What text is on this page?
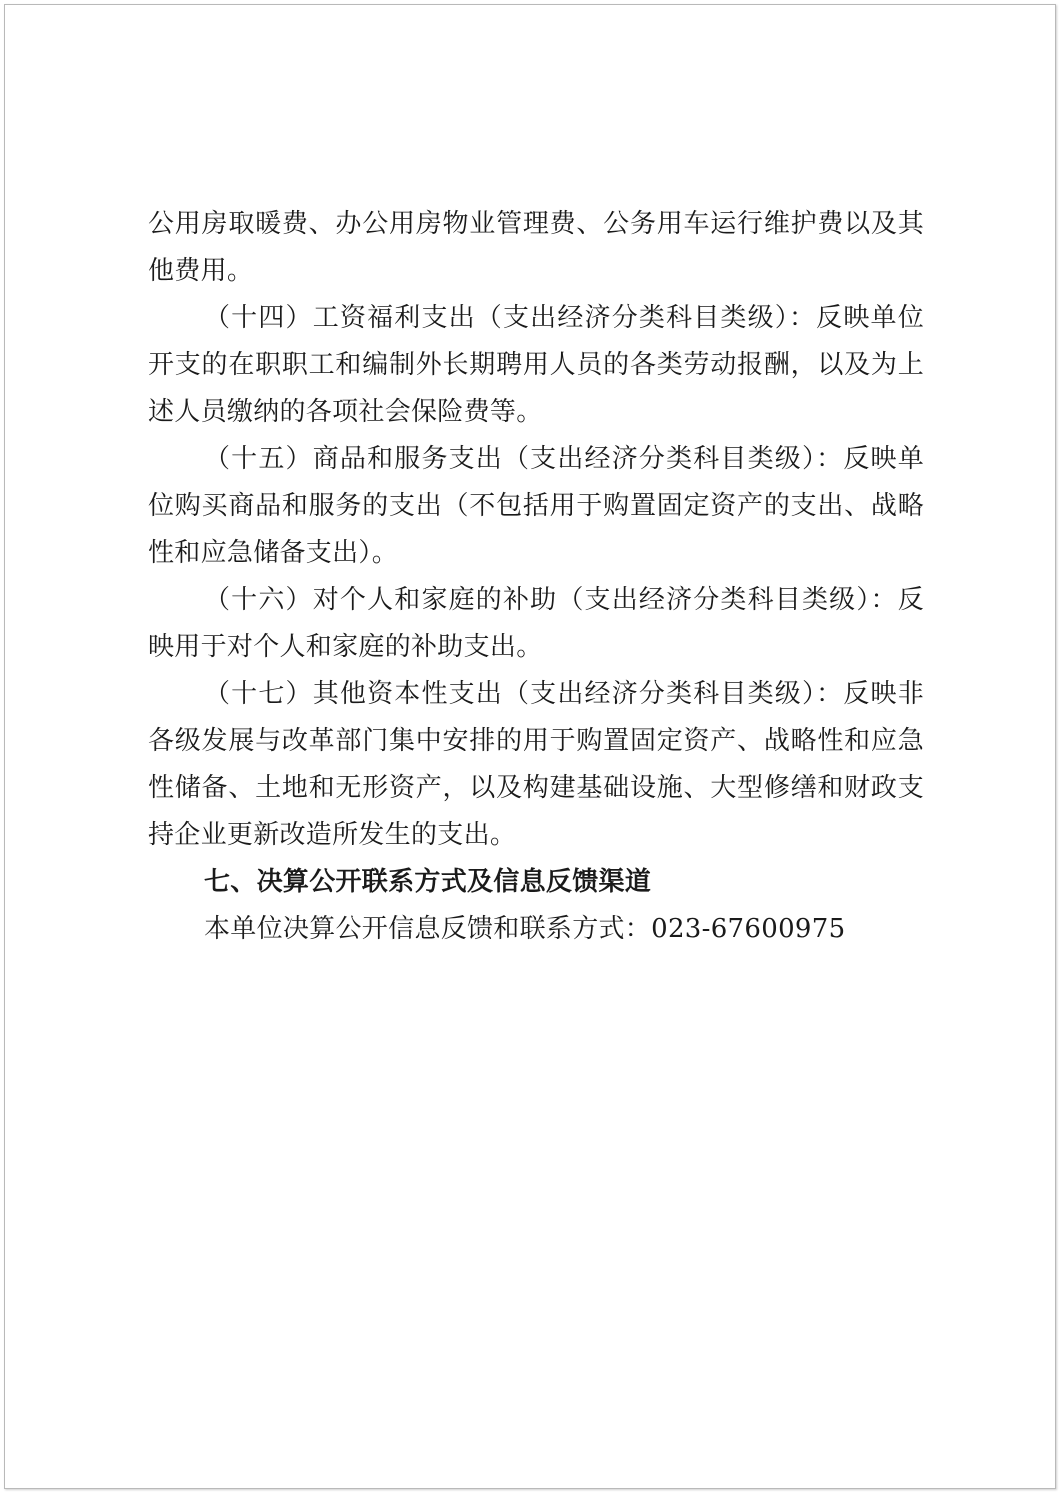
公用房取暖费、办公用房物业管理费、公务用车运行维护费以及其他费用。

（十四）工资福利支出（支出经济分类科目类级）：反映单位开支的在职职工和编制外长期聘用人员的各类劳动报酬，以及为上述人员缴纳的各项社会保险费等。

（十五）商品和服务支出（支出经济分类科目类级）：反映单位购买商品和服务的支出（不包括用于购置固定资产的支出、战略性和应急储备支出）。

（十六）对个人和家庭的补助（支出经济分类科目类级）：反映用于对个人和家庭的补助支出。

（十七）其他资本性支出（支出经济分类科目类级）：反映非各级发展与改革部门集中安排的用于购置固定资产、战略性和应急性储备、土地和无形资产，以及构建基础设施、大型修缮和财政支持企业更新改造所发生的支出。

七、决算公开联系方式及信息反馈渠道

本单位决算公开信息反馈和联系方式：023-67600975
